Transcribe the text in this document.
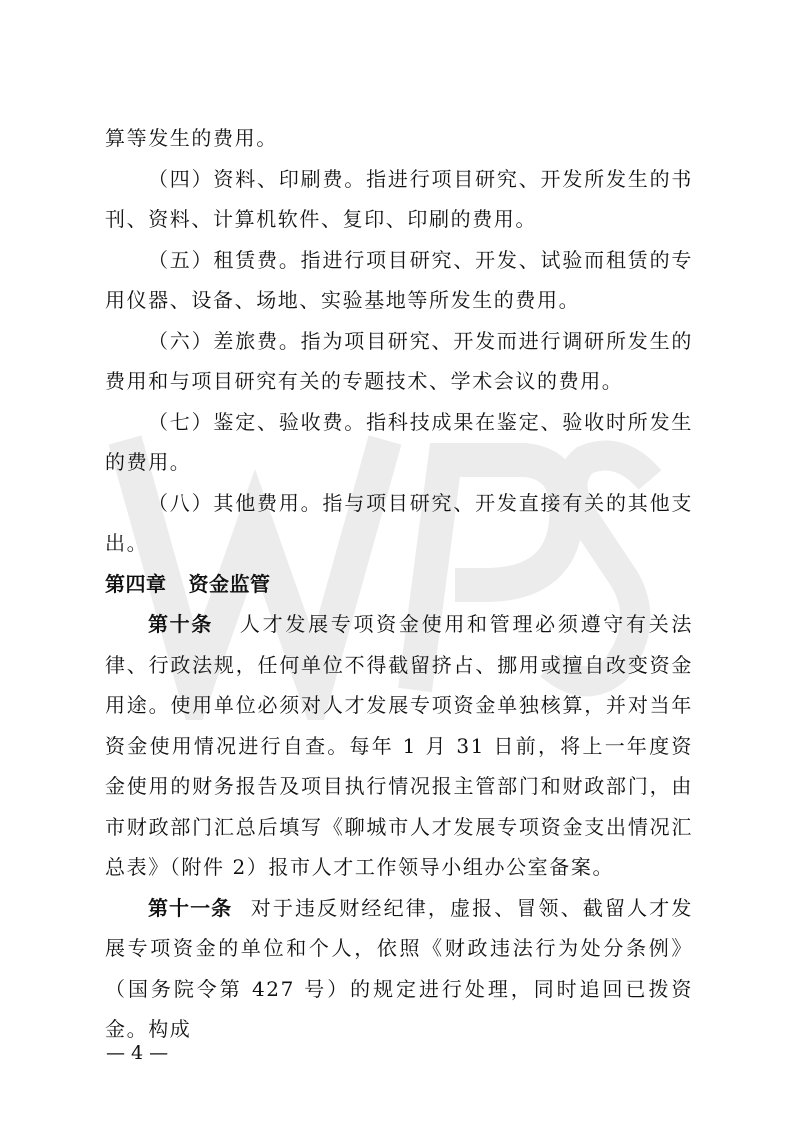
算等发生的费用。

（四）资料、印刷费。指进行项目研究、开发所发生的书刊、资料、计算机软件、复印、印刷的费用。

（五）租赁费。指进行项目研究、开发、试验而租赁的专用仪器、设备、场地、实验基地等所发生的费用。

（六）差旅费。指为项目研究、开发而进行调研所发生的费用和与项目研究有关的专题技术、学术会议的费用。

（七）鉴定、验收费。指科技成果在鉴定、验收时所发生的费用。

（八）其他费用。指与项目研究、开发直接有关的其他支出。

第四章 资金监管

第十条 人才发展专项资金使用和管理必须遵守有关法律、行政法规，任何单位不得截留挤占、挪用或擅自改变资金用途。使用单位必须对人才发展专项资金单独核算，并对当年资金使用情况进行自查。每年 1 月 31 日前，将上一年度资金使用的财务报告及项目执行情况报主管部门和财政部门，由市财政部门汇总后填写《聊城市人才发展专项资金支出情况汇总表》（附件 2）报市人才工作领导小组办公室备案。

第十一条 对于违反财经纪律，虚报、冒领、截留人才发展专项资金的单位和个人，依照《财政违法行为处分条例》（国务院令第 427 号）的规定进行处理，同时追回已拨资金。构成

— 4 —
